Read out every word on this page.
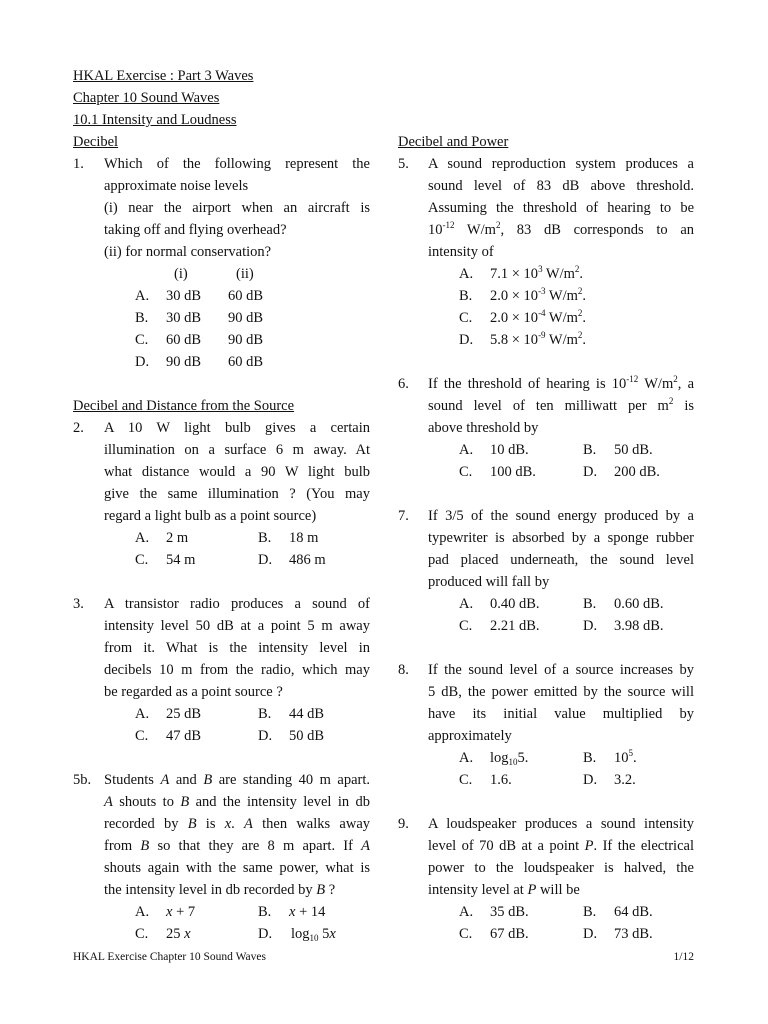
HKAL Exercise : Part 3 Waves
Chapter 10 Sound Waves
10.1 Intensity and Loudness
Decibel
1. Which of the following represent the
approximate noise levels
(i) near the airport when an aircraft is
taking off and flying overhead?
(ii) for normal conservation?
(i)	(ii)
A. 30 dB 60 dB
B. 30 dB 90 dB
C. 60 dB 90 dB
D. 90 dB 60 dB
Decibel and Distance from the Source
2. A 10 W light bulb gives a certain
illumination on a surface 6 m away. At
what distance would a 90 W light bulb
give the same illumination ? (You may
regard a light bulb as a point source)
A. 2 m	B. 18 m
C. 54 m	D. 486 m
3. A transistor radio produces a sound of
intensity level 50 dB at a point 5 m away
from it. What is the intensity level in
decibels 10 m from the radio, which may
be regarded as a point source ?
A. 25 dB	B. 44 dB
C. 47 dB	D. 50 dB
5b. Students A and B are standing 40 m apart.
A shouts to B and the intensity level in db
recorded by B is x. A then walks away
from B so that they are 8 m apart. If A
shouts again with the same power, what is
the intensity level in db recorded by B ?
A. x + 7	B. x + 14
C. 25 x	D. $\log_{10} 5x$
Decibel and Power
5. A sound reproduction system produces a
sound level of 83 dB above threshold.
Assuming the threshold of hearing to be
$10^{-12}$ $W/m^2$, 83 dB corresponds to an
intensity of
A. $7.1 \times 10^3$ $W/m^2$.
B. $2.0 \times 10^{-3}$ $W/m^2$.
C. $2.0 \times 10^{-4}$ $W/m^2$.
D. $5.8 \times 10^{-9}$ $W/m^2$.
6. If the threshold of hearing is $10^{-12}$ $W/m^2$, a
sound level of ten milliwatt per $m^2$ is
above threshold by
A. 10 dB.	B. 50 dB.
C. 100 dB.	D. 200 dB.
7. If 3/5 of the sound energy produced by a
typewriter is absorbed by a sponge rubber
pad placed underneath, the sound level
produced will fall by
A. 0.40 dB.	B. 0.60 dB.
C. 2.21 dB.	D. 3.98 dB.
8. If the sound level of a source increases by
5 dB, the power emitted by the source will
have its initial value multiplied by
approximately
A. $\log_{10}5$.	B. $10^5$.
C. 1.6.	D. 3.2.
9. A loudspeaker produces a sound intensity
level of 70 dB at a point P. If the electrical
power to the loudspeaker is halved, the
intensity level at P will be
A. 35 dB.	B. 64 dB.
C. 67 dB.	D. 73 dB.
HKAL Exercise Chapter 10 Sound Waves	1/12
